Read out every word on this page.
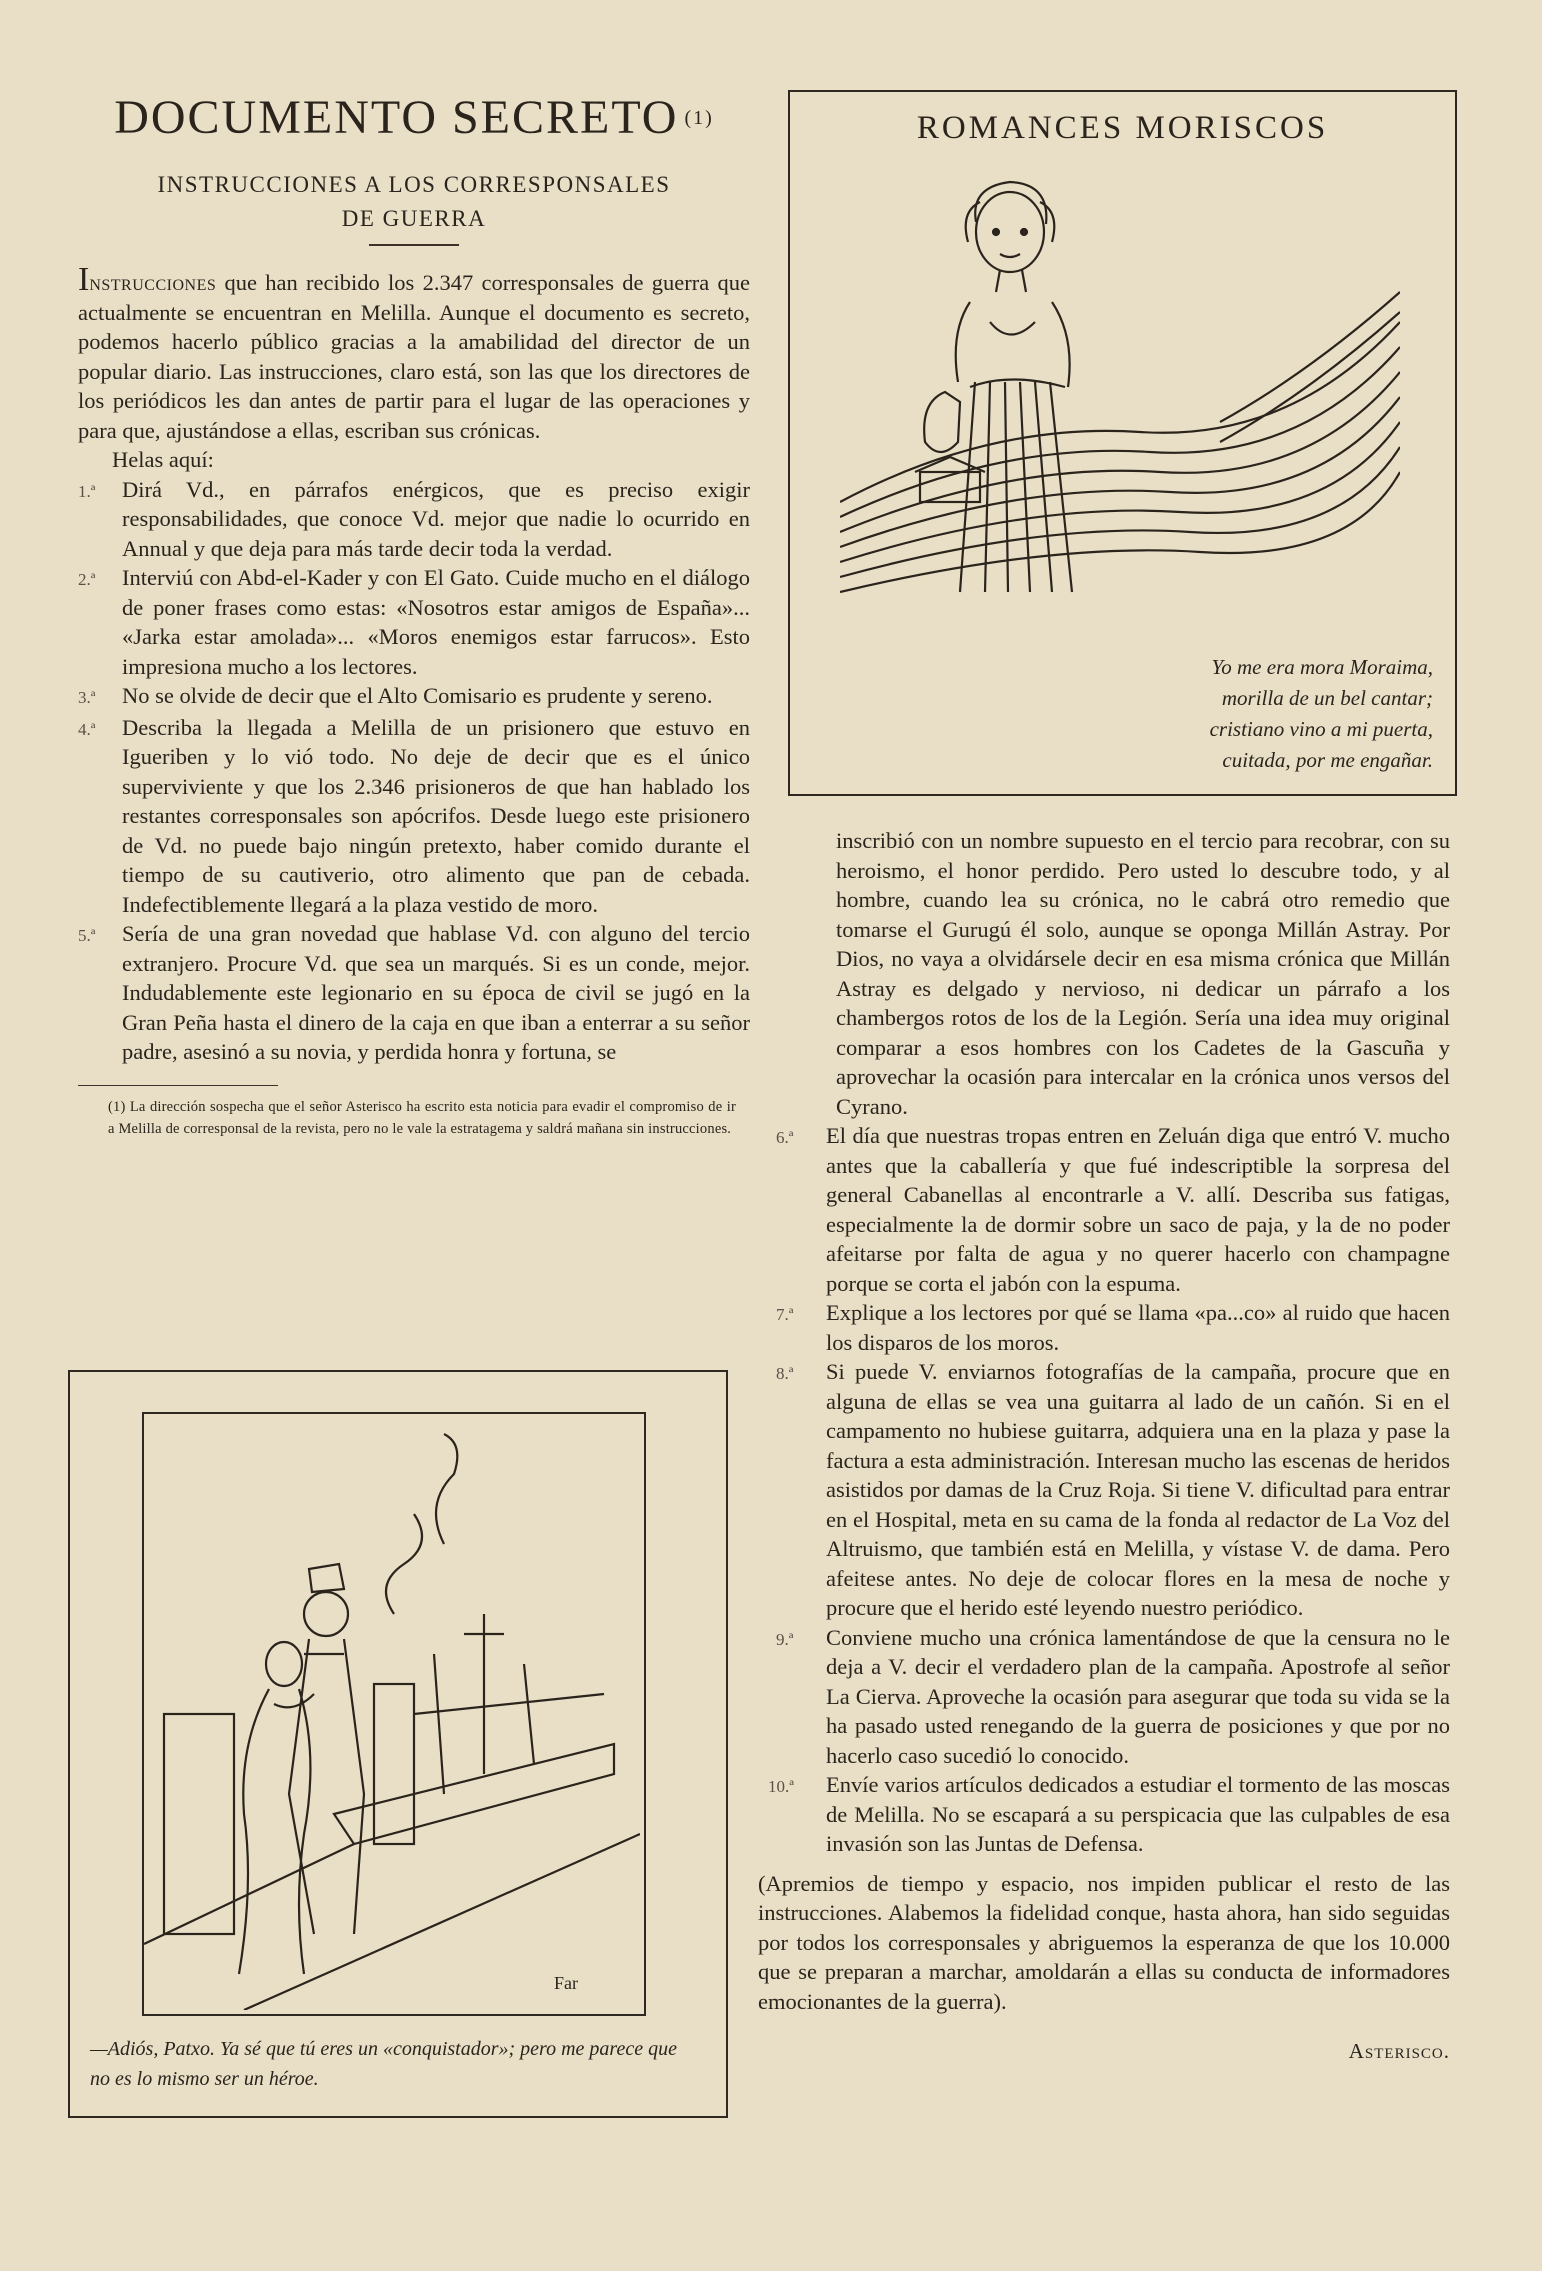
DOCUMENTO SECRETO $^{(1)}$
INSTRUCCIONES A LOS CORRESPONSALES
DE GUERRA

Instrucciones que han recibido los 2.347 corresponsales de guerra que actualmente se encuentran en Melilla. Aunque el documento es secreto, podemos hacerlo público gracias a la amabilidad del director de un popular diario. Las instrucciones, claro está, son las que los directores de los periódicos les dan antes de partir para el lugar de las operaciones y para que, ajustándose a ellas, escriban sus crónicas.

Helas aquí:

1.ª	Dirá Vd., en párrafos enérgicos, que es preciso exigir responsabilidades, que conoce Vd. mejor que nadie lo ocurrido en Annual y que deja para más tarde decir toda la verdad.
2.ª	Interviú con Abd-el-Kader y con El Gato. Cuide mucho en el diálogo de poner frases como estas: «Nosotros estar amigos de España»... «Jarka estar amolada»... «Moros enemigos estar farrucos». Esto impresiona mucho a los lectores.
3.ª	No se olvide de decir que el Alto Comisario es prudente y sereno.
4.ª	Describa la llegada a Melilla de un prisionero que estuvo en Igueriben y lo vió todo. No deje de decir que es el único superviviente y que los 2.346 prisioneros de que han hablado los restantes corresponsales son apócrifos. Desde luego este prisionero de Vd. no puede bajo ningún pretexto, haber comido durante el tiempo de su cautiverio, otro alimento que pan de cebada. Indefectiblemente llegará a la plaza vestido de moro.
5.ª	Sería de una gran novedad que hablase Vd. con alguno del tercio extranjero. Procure Vd. que sea un marqués. Si es un conde, mejor. Indudablemente este legionario en su época de civil se jugó en la Gran Peña hasta el dinero de la caja en que iban a enterrar a su señor padre, asesinó a su novia, y perdida honra y fortuna, se

(1) La dirección sospecha que el señor Asterisco ha escrito esta noticia para evadir el compromiso de ir a Melilla de corresponsal de la revista, pero no le vale la estratagema y saldrá mañana sin instrucciones.

ROMANCES MORISCOS
Yo me era mora Moraima,
morilla de un bel cantar;
cristiano vino a mi puerta,
cuitada, por me engañar.

inscribió con un nombre supuesto en el tercio para recobrar, con su heroismo, el honor perdido. Pero usted lo descubre todo, y al hombre, cuando lea su crónica, no le cabrá otro remedio que tomarse el Gurugú él solo, aunque se oponga Millán Astray. Por Dios, no vaya a olvidársele decir en esa misma crónica que Millán Astray es delgado y nervioso, ni dedicar un párrafo a los chambergos rotos de los de la Legión. Sería una idea muy original comparar a esos hombres con los Cadetes de la Gascuña y aprovechar la ocasión para intercalar en la crónica unos versos del Cyrano.

6.ª	El día que nuestras tropas entren en Zeluán diga que entró V. mucho antes que la caballería y que fué indescriptible la sorpresa del general Cabanellas al encontrarle a V. allí. Describa sus fatigas, especialmente la de dormir sobre un saco de paja, y la de no poder afeitarse por falta de agua y no querer hacerlo con champagne porque se corta el jabón con la espuma.
7.ª	Explique a los lectores por qué se llama «pa...co» al ruido que hacen los disparos de los moros.
8.ª	Si puede V. enviarnos fotografías de la campaña, procure que en alguna de ellas se vea una guitarra al lado de un cañón. Si en el campamento no hubiese guitarra, adquiera una en la plaza y pase la factura a esta administración. Interesan mucho las escenas de heridos asistidos por damas de la Cruz Roja. Si tiene V. dificultad para entrar en el Hospital, meta en su cama de la fonda al redactor de La Voz del Altruismo, que también está en Melilla, y vístase V. de dama. Pero afeitese antes. No deje de colocar flores en la mesa de noche y procure que el herido esté leyendo nuestro periódico.
9.ª	Conviene mucho una crónica lamentándose de que la censura no le deja a V. decir el verdadero plan de la campaña. Apostrofe al señor La Cierva. Aproveche la ocasión para asegurar que toda su vida se la ha pasado usted renegando de la guerra de posiciones y que por no hacerlo caso sucedió lo conocido.
10.ª	Envíe varios artículos dedicados a estudiar el tormento de las moscas de Melilla. No se escapará a su perspicacia que las culpables de esa invasión son las Juntas de Defensa.

(Apremios de tiempo y espacio, nos impiden publicar el resto de las instrucciones. Alabemos la fidelidad conque, hasta ahora, han sido seguidas por todos los corresponsales y abriguemos la esperanza de que los 10.000 que se preparan a marchar, amoldarán a ellas su conducta de informadores emocionantes de la guerra).

Asterisco.
Far
—Adiós, Patxo. Ya sé que tú eres un «conquistador»; pero me parece que no es lo mismo ser un héroe.
